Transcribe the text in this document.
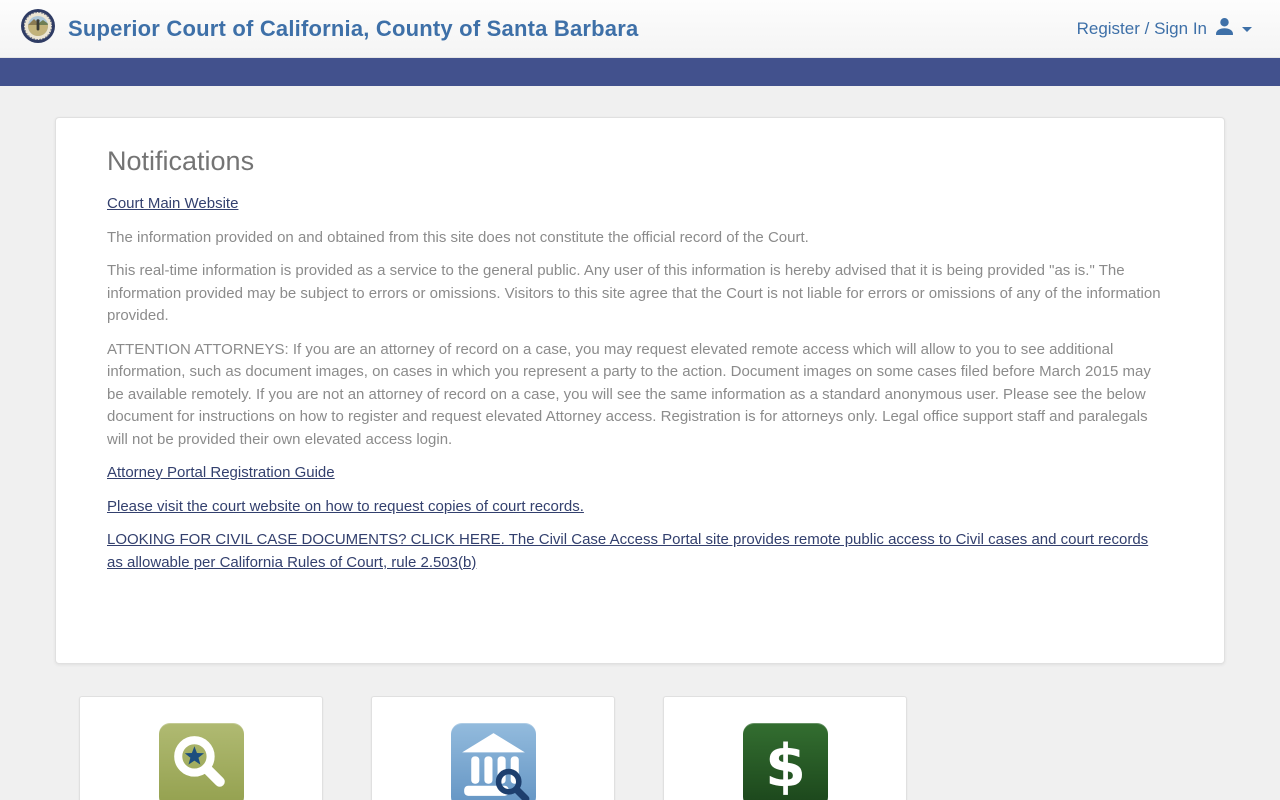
Superior Court of California, County of Santa Barbara	Register / Sign In
Notifications

Court Main Website

The information provided on and obtained from this site does not constitute the official record of the Court.

This real-time information is provided as a service to the general public. Any user of this information is hereby advised that it is being provided "as is." The information provided may be subject to errors or omissions. Visitors to this site agree that the Court is not liable for errors or omissions of any of the information provided.

ATTENTION ATTORNEYS: If you are an attorney of record on a case, you may request elevated remote access which will allow to you to see additional information, such as document images, on cases in which you represent a party to the action. Document images on some cases filed before March 2015 may be available remotely. If you are not an attorney of record on a case, you will see the same information as a standard anonymous user. Please see the below document for instructions on how to register and request elevated Attorney access. Registration is for attorneys only. Legal office support staff and paralegals will not be provided their own elevated access login.

Attorney Portal Registration Guide

Please visit the court website on how to request copies of court records.

LOOKING FOR CIVIL CASE DOCUMENTS? CLICK HERE. The Civil Case Access Portal site provides remote public access to Civil cases and court records as allowable per California Rules of Court, rule 2.503(b)

$
